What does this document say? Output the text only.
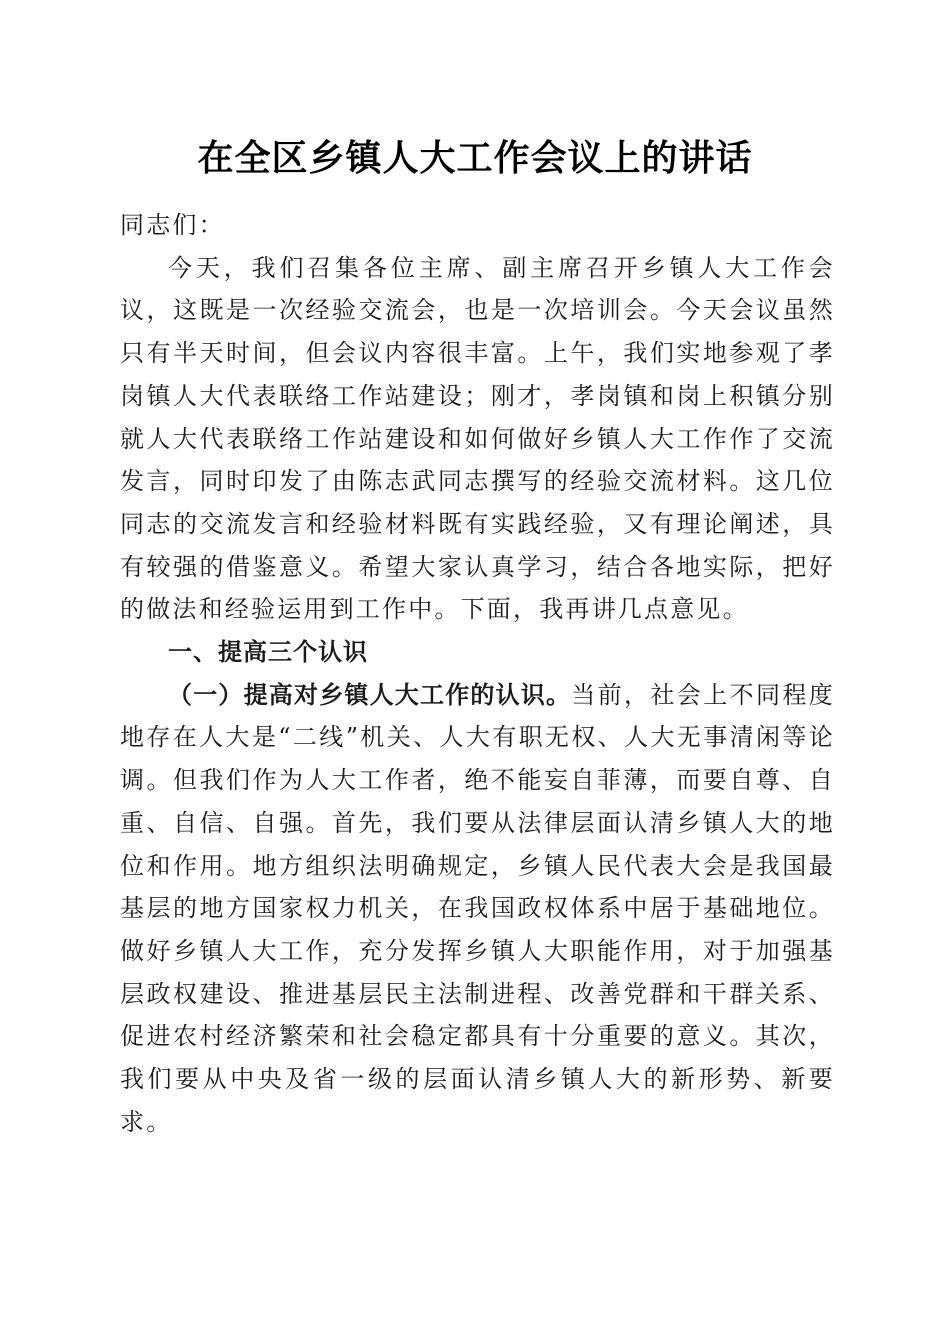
在全区乡镇人大工作会议上的讲话

同志们：

今天，我们召集各位主席、副主席召开乡镇人大工作会议，这既是一次经验交流会，也是一次培训会。今天会议虽然只有半天时间，但会议内容很丰富。上午，我们实地参观了孝岗镇人大代表联络工作站建设；刚才，孝岗镇和岗上积镇分别就人大代表联络工作站建设和如何做好乡镇人大工作作了交流发言，同时印发了由陈志武同志撰写的经验交流材料。这几位同志的交流发言和经验材料既有实践经验，又有理论阐述，具有较强的借鉴意义。希望大家认真学习，结合各地实际，把好的做法和经验运用到工作中。下面，我再讲几点意见。

一、提高三个认识

（一）提高对乡镇人大工作的认识。当前，社会上不同程度地存在人大是“二线”机关、人大有职无权、人大无事清闲等论调。但我们作为人大工作者，绝不能妄自菲薄，而要自尊、自重、自信、自强。首先，我们要从法律层面认清乡镇人大的地位和作用。地方组织法明确规定，乡镇人民代表大会是我国最基层的地方国家权力机关，在我国政权体系中居于基础地位。做好乡镇人大工作，充分发挥乡镇人大职能作用，对于加强基层政权建设、推进基层民主法制进程、改善党群和干群关系、促进农村经济繁荣和社会稳定都具有十分重要的意义。其次，我们要从中央及省一级的层面认清乡镇人大的新形势、新要求。
